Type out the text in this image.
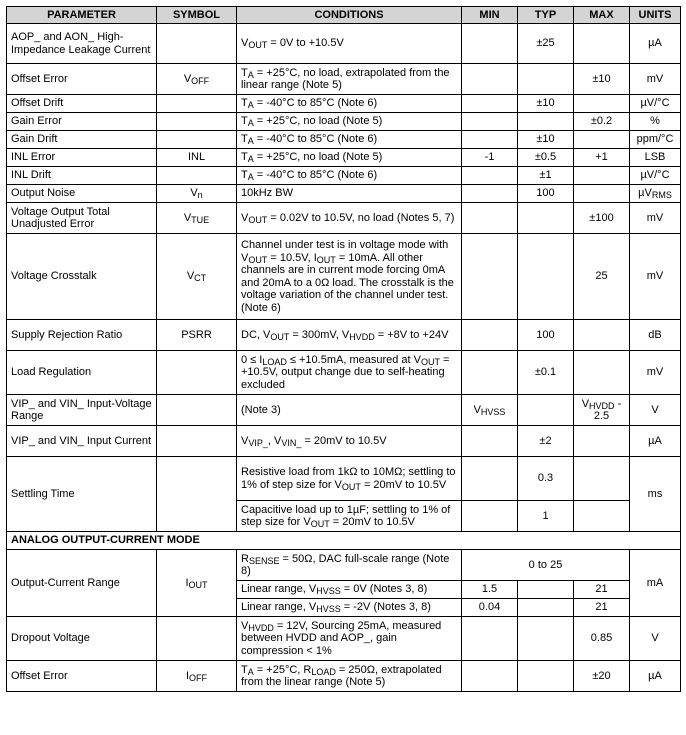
PARAMETER	SYMBOL	CONDITIONS	MIN	TYP	MAX	UNITS
AOP_ and AON_ High-Impedance Leakage Current		$V_{OUT} = 0V$ to +10.5V		±25		µA
Offset Error	$V_{OFF}$	$T_A = +25^\circ C$, no load, extrapolated from the linear range (Note 5)			±10	mV
Offset Drift		$T_A = -40^\circ C$ to 85°C (Note 6)		±10		µV/°C
Gain Error		$T_A = +25^\circ C$, no load (Note 5)			±0.2	%
Gain Drift		$T_A = -40^\circ C$ to 85°C (Note 6)		±10		ppm/°C
INL Error	INL	$T_A = +25^\circ C$, no load (Note 5)	-1	±0.5	+1	LSB
INL Drift		$T_A = -40^\circ C$ to 85°C (Note 6)		±1		µV/°C
Output Noise	$V_n$	10kHz BW		100		µV$_{RMS}$
Voltage Output Total Unadjusted Error	$V_{TUE}$	$V_{OUT} = 0.02V$ to 10.5V, no load (Notes 5, 7)			±100	mV
Voltage Crosstalk	$V_{CT}$	Channel under test is in voltage mode with $V_{OUT} = 10.5V$, $I_{OUT} = 10mA$. All other channels are in current mode forcing 0mA and 20mA to a 0Ω load. The crosstalk is the voltage variation of the channel under test. (Note 6)			25	mV
Supply Rejection Ratio	PSRR	DC, $V_{OUT} = 300mV$, $V_{HVDD} = +8V$ to +24V		100		dB
Load Regulation		$0 \le I_{LOAD} \le +10.5mA$, measured at $V_{OUT} = +10.5V$, output change due to self-heating excluded		±0.1		mV
VIP_ and VIN_ Input-Voltage Range		(Note 3)	$V_{HVSS}$		$V_{HVDD} - 2.5$	V
VIP_ and VIN_ Input Current		$V_{VIP\_}$, $V_{VIN\_} = 20mV$ to 10.5V		±2		µA
Settling Time		Resistive load from 1kΩ to 10MΩ; settling to 1% of step size for $V_{OUT} = 20mV$ to 10.5V		0.3		ms
		Capacitive load up to 1µF; settling to 1% of step size for $V_{OUT} = 20mV$ to 10.5V		1		
ANALOG OUTPUT-CURRENT MODE						
Output-Current Range	$I_{OUT}$	$R_{SENSE} = 50\Omega$, DAC full-scale range (Note 8)	0 to 25			mA
		Linear range, $V_{HVSS} = 0V$ (Notes 3, 8)	1.5		21	
		Linear range, $V_{HVSS} = -2V$ (Notes 3, 8)	0.04		21	
Dropout Voltage		$V_{HVDD} = 12V$, Sourcing 25mA, measured between HVDD and AOP_, gain compression < 1%			0.85	V
Offset Error	$I_{OFF}$	$T_A = +25^\circ C$, $R_{LOAD} = 250\Omega$, extrapolated from the linear range (Note 5)			±20	µA
